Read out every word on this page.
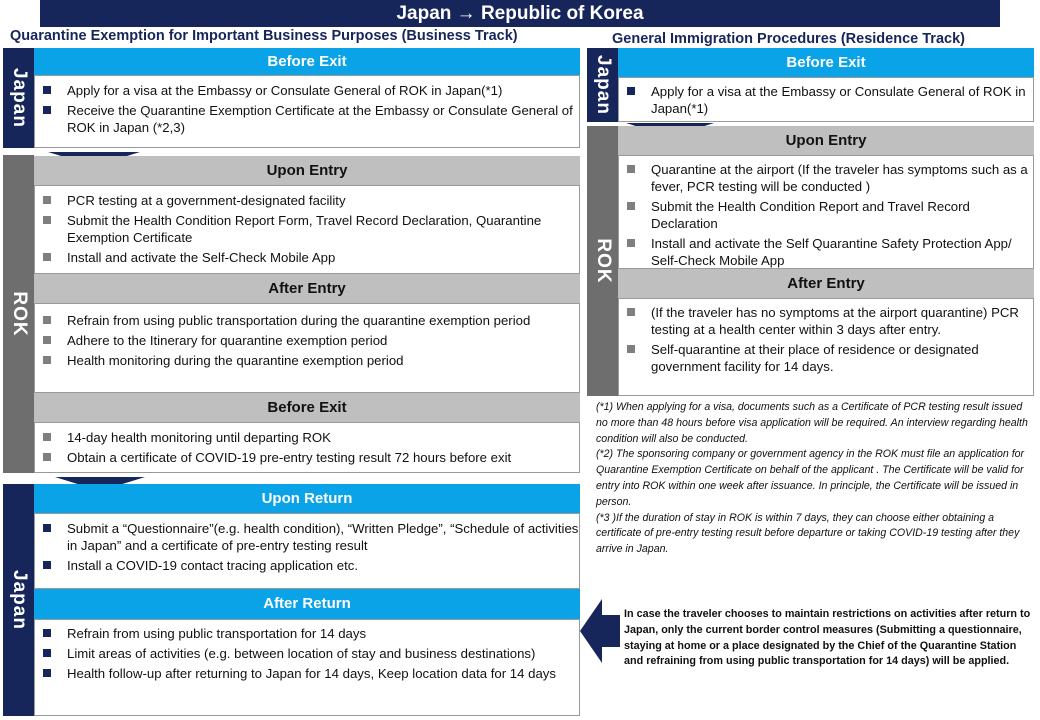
Japan → Republic of Korea
Quarantine Exemption for Important Business Purposes (Business Track)	General Immigration Procedures (Residence Track)
Japan
Before Exit
Apply for a visa at the Embassy or Consulate General of ROK in Japan(*1)
Receive the Quarantine Exemption Certificate at the Embassy or Consulate General of ROK in Japan (*2,3)
ROK
Upon Entry
PCR testing at a government-designated facility
Submit the Health Condition Report Form, Travel Record Declaration, Quarantine Exemption Certificate
Install and activate the Self-Check Mobile App
After Entry
Refrain from using public transportation during the quarantine exemption period
Adhere to the Itinerary for quarantine exemption period
Health monitoring during the quarantine exemption period
Before Exit
14-day health monitoring until departing ROK
Obtain a certificate of COVID-19 pre-entry testing result 72 hours before exit
Japan
Upon Return
Submit a “Questionnaire”(e.g. health condition), “Written Pledge”, “Schedule of activities in Japan” and a certificate of pre-entry testing result
Install a COVID-19 contact tracing application etc.
After Return
Refrain from using public transportation for 14 days
Limit areas of activities (e.g. between location of stay and business destinations)
Health follow-up after returning to Japan for 14 days, Keep location data for 14 days
Japan	Before Exit
Apply for a visa at the Embassy or Consulate General of ROK in Japan(*1)
ROK
Upon Entry
Quarantine at the airport (If the traveler has symptoms such as a fever, PCR testing will be conducted )
Submit the Health Condition Report and Travel Record Declaration
Install and activate the Self Quarantine Safety Protection App/ Self-Check Mobile App
After Entry
(If the traveler has no symptoms at the airport quarantine) PCR testing at a health center within 3 days after entry.
Self-quarantine at their place of residence or designated government facility for 14 days.
(*1) When applying for a visa, documents such as a Certificate of PCR testing result issued no more than 48 hours before visa application will be required. An interview regarding health condition will also be conducted.
(*2) The sponsoring company or government agency in the ROK must file an application for Quarantine Exemption Certificate on behalf of the applicant . The Certificate will be valid for entry into ROK within one week after issuance. In principle, the Certificate will be issued in person.
(*3 )If the duration of stay in ROK is within 7 days, they can choose either obtaining a certificate of pre-entry testing result before departure or taking COVID-19 testing after they arrive in Japan.
In case the traveler chooses to maintain restrictions on activities after return to Japan, only the current border control measures (Submitting a questionnaire, staying at home or a place designated by the Chief of the Quarantine Station and refraining from using public transportation for 14 days) will be applied.
